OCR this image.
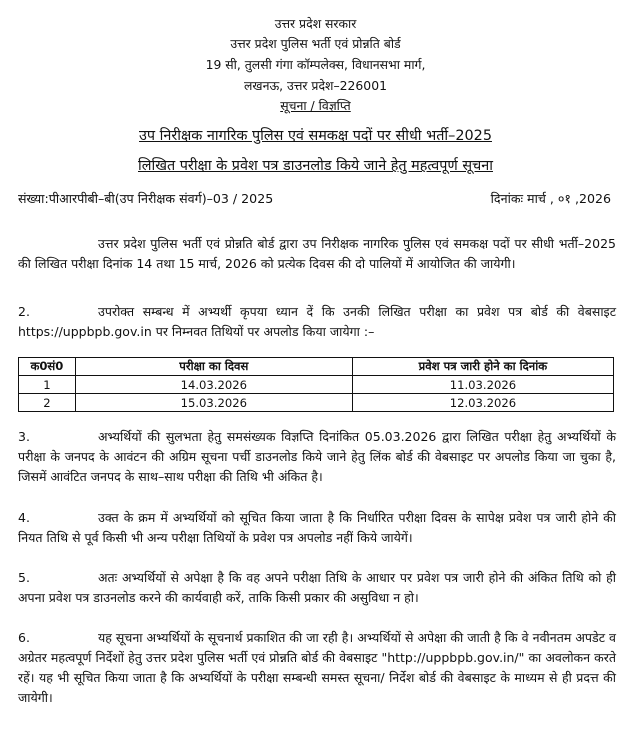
उत्तर प्रदेश सरकार
उत्तर प्रदेश पुलिस भर्ती एवं प्रोन्नति बोर्ड
19 सी, तुलसी गंगा कॉम्पलेक्स, विधानसभा मार्ग,
लखनऊ, उत्तर प्रदेश–226001
सूचना / विज्ञप्ति
उप निरीक्षक नागरिक पुलिस एवं समकक्ष पदों पर सीधी भर्ती–2025
लिखित परीक्षा के प्रवेश पत्र डाउनलोड किये जाने हेतु महत्वपूर्ण सूचना
संख्या:पीआरपीबी–बी(उप निरीक्षक संवर्ग)–03 / 2025	दिनांकः मार्च , ०१ ,2026
उत्तर प्रदेश पुलिस भर्ती एवं प्रोन्नति बोर्ड द्वारा उप निरीक्षक नागरिक पुलिस एवं समकक्ष पदों पर सीधी भर्ती–2025 की लिखित परीक्षा दिनांक 14 तथा 15 मार्च, 2026 को प्रत्येक दिवस की दो पालियों में आयोजित की जायेगी।
2.	उपरोक्त सम्बन्ध में अभ्यर्थी कृपया ध्यान दें कि उनकी लिखित परीक्षा का प्रवेश पत्र बोर्ड की वेबसाइट https://uppbpb.gov.in पर निम्नवत तिथियों पर अपलोड किया जायेगा :–
क0सं0	परीक्षा का दिवस	प्रवेश पत्र जारी होने का दिनांक
1	14.03.2026	11.03.2026
2	15.03.2026	12.03.2026
3.	अभ्यर्थियों की सुलभता हेतु समसंख्यक विज्ञप्ति दिनांकित 05.03.2026 द्वारा लिखित परीक्षा हेतु अभ्यर्थियों के परीक्षा के जनपद के आवंटन की अग्रिम सूचना पर्ची डाउनलोड किये जाने हेतु लिंक बोर्ड की वेबसाइट पर अपलोड किया जा चुका है, जिसमें आवंटित जनपद के साथ–साथ परीक्षा की तिथि भी अंकित है।
4.	उक्त के क्रम में अभ्यर्थियों को सूचित किया जाता है कि निर्धारित परीक्षा दिवस के सापेक्ष प्रवेश पत्र जारी होने की नियत तिथि से पूर्व किसी भी अन्य परीक्षा तिथियों के प्रवेश पत्र अपलोड नहीं किये जायेगें।
5.	अतः अभ्यर्थियों से अपेक्षा है कि वह अपने परीक्षा तिथि के आधार पर प्रवेश पत्र जारी होने की अंकित तिथि को ही अपना प्रवेश पत्र डाउनलोड करने की कार्यवाही करें, ताकि किसी प्रकार की असुविधा न हो।
6.	यह सूचना अभ्यर्थियों के सूचनार्थ प्रकाशित की जा रही है। अभ्यर्थियों से अपेक्षा की जाती है कि वे नवीनतम अपडेट व अग्रेतर महत्वपूर्ण निर्देशों हेतु उत्तर प्रदेश पुलिस भर्ती एवं प्रोन्नति बोर्ड की वेबसाइट "http://uppbpb.gov.in/" का अवलोकन करते रहें। यह भी सूचित किया जाता है कि अभ्यर्थियों के परीक्षा सम्बन्धी समस्त सूचना/ निर्देश बोर्ड की वेबसाइट के माध्यम से ही प्रदत्त की जायेगी।
